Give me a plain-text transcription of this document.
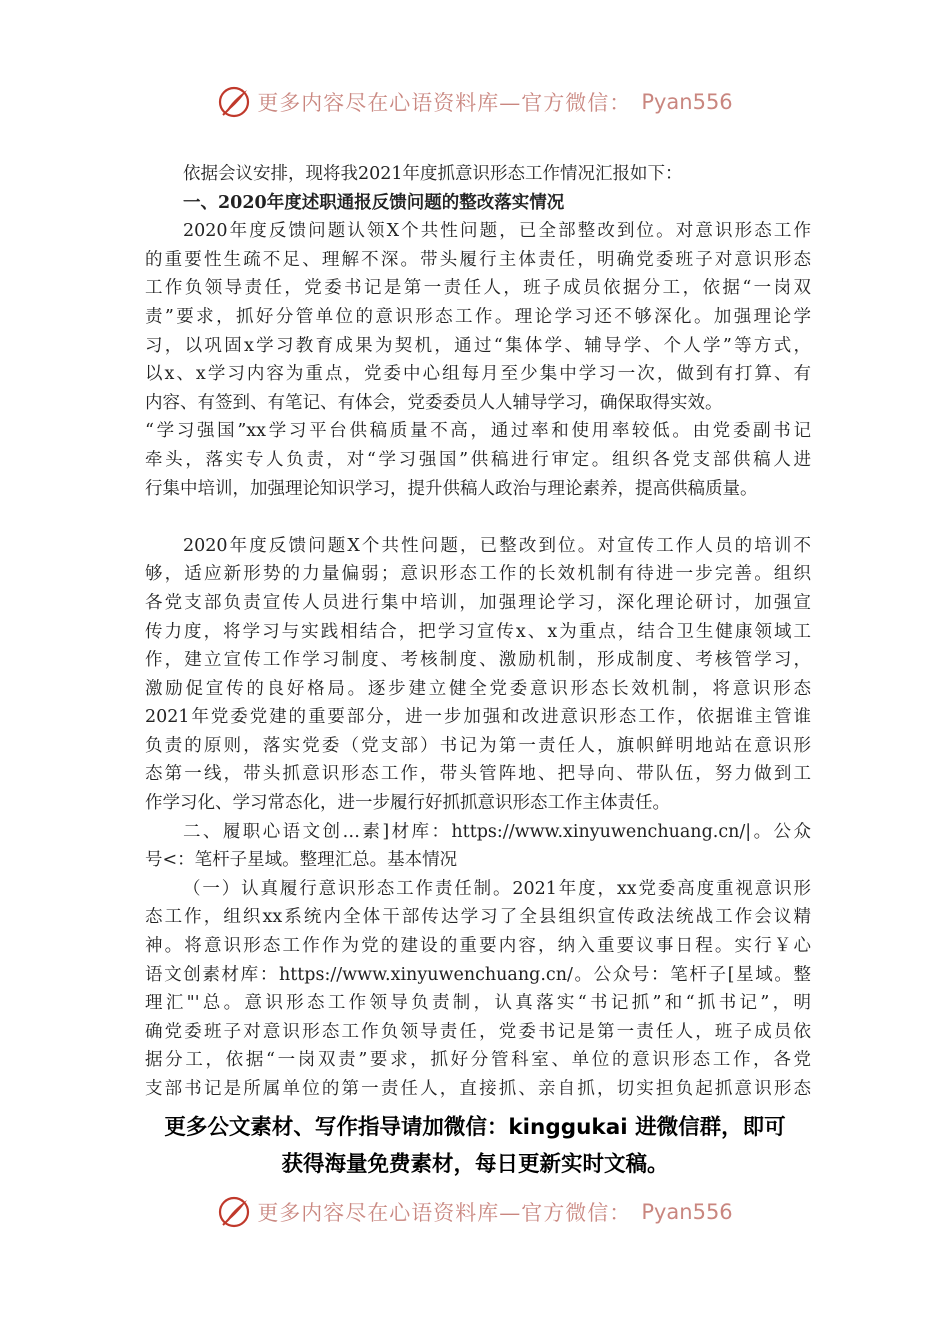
更多内容尽在心语资料库—官方微信： Pyan556
依据会议安排，现将我2021年度抓意识形态工作情况汇报如下：
一、2020年度述职通报反馈问题的整改落实情况
2020年度反馈问题认领X个共性问题，已全部整改到位。对意识形态工作
的重要性生疏不足、理解不深。带头履行主体责任，明确党委班子对意识形态
工作负领导责任，党委书记是第一责任人，班子成员依据分工，依据“一岗双
责”要求，抓好分管单位的意识形态工作。理论学习还不够深化。加强理论学
习，以巩固x学习教育成果为契机，通过“集体学、辅导学、个人学”等方式，
以x、x学习内容为重点，党委中心组每月至少集中学习一次，做到有打算、有
内容、有签到、有笔记、有体会，党委委员人人辅导学习，确保取得实效。
“学习强国”xx学习平台供稿质量不高，通过率和使用率较低。由党委副书记
牵头，落实专人负责，对“学习强国”供稿进行审定。组织各党支部供稿人进
行集中培训，加强理论知识学习，提升供稿人政治与理论素养，提高供稿质量。
2020年度反馈问题X个共性问题，已整改到位。对宣传工作人员的培训不
够，适应新形势的力量偏弱；意识形态工作的长效机制有待进一步完善。组织
各党支部负责宣传人员进行集中培训，加强理论学习，深化理论研讨，加强宣
传力度，将学习与实践相结合，把学习宣传x、x为重点，结合卫生健康领域工
作，建立宣传工作学习制度、考核制度、激励机制，形成制度、考核管学习，
激励促宣传的良好格局。逐步建立健全党委意识形态长效机制，将意识形态
2021年党委党建的重要部分，进一步加强和改进意识形态工作，依据谁主管谁
负责的原则，落实党委（党支部）书记为第一责任人，旗帜鲜明地站在意识形
态第一线，带头抓意识形态工作，带头管阵地、把导向、带队伍，努力做到工
作学习化、学习常态化，进一步履行好抓抓意识形态工作主体责任。
二、履职心语文创…素]材库：https://www.xinyuwenchuang.cn/|。公众
号<：笔杆子星域。整理汇总。基本情况
（一）认真履行意识形态工作责任制。2021年度，xx党委高度重视意识形
态工作，组织xx系统内全体干部传达学习了全县组织宣传政法统战工作会议精
神。将意识形态工作作为党的建设的重要内容，纳入重要议事日程。实行￥心
语文创素材库：https://www.xinyuwenchuang.cn/。公众号：笔杆子[星域。整
理汇"'总。意识形态工作领导负责制，认真落实“书记抓”和“抓书记”，明
确党委班子对意识形态工作负领导责任，党委书记是第一责任人，班子成员依
据分工，依据“一岗双责”要求，抓好分管科室、单位的意识形态工作，各党
支部书记是所属单位的第一责任人，直接抓、亲自抓，切实担负起抓意识形态
更多公文素材、写作指导请加微信：kinggukai 进微信群，即可
获得海量免费素材，每日更新实时文稿。
更多内容尽在心语资料库—官方微信： Pyan556
